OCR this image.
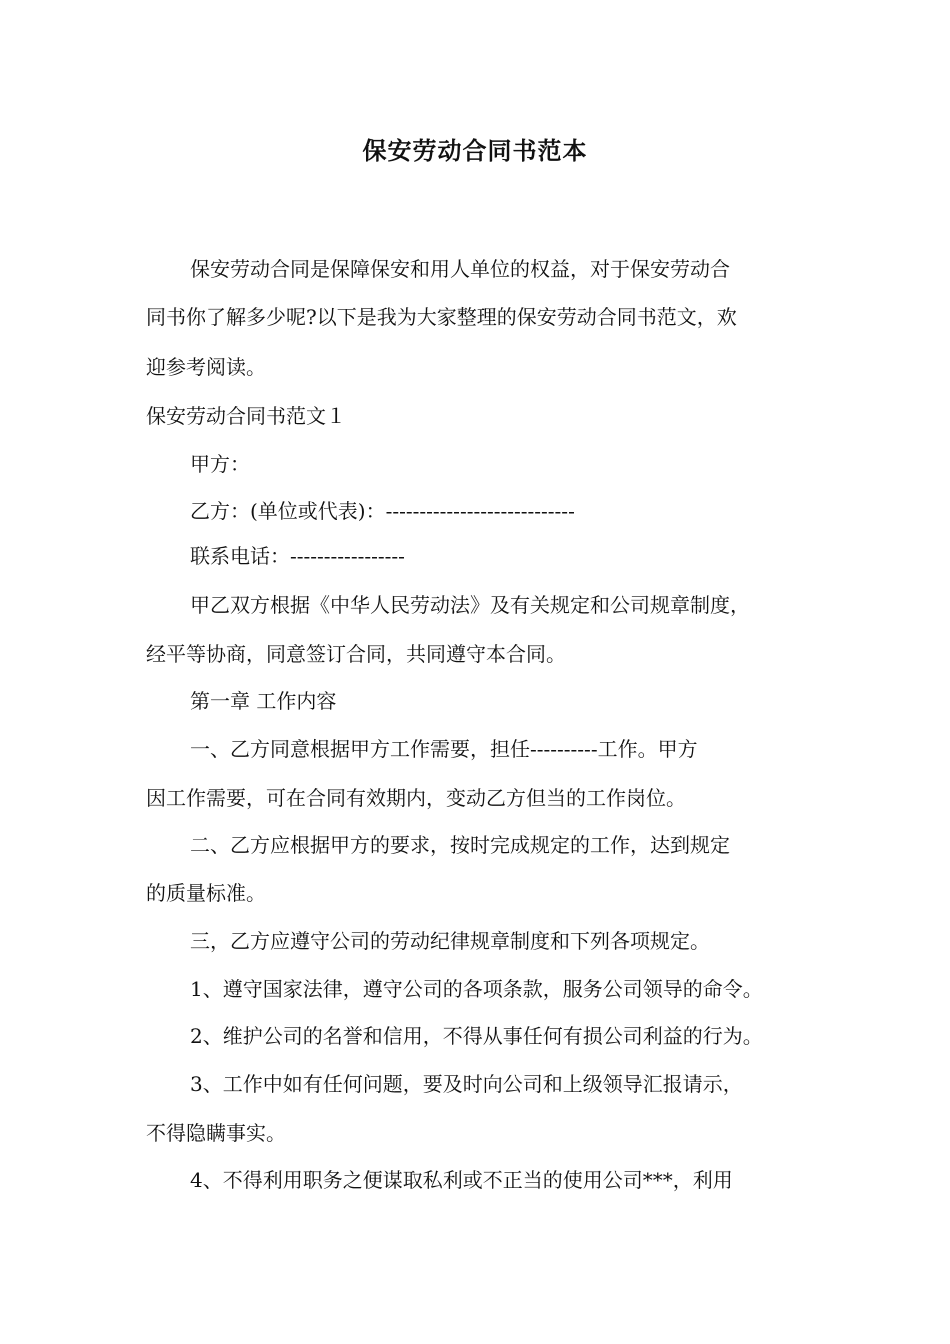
保安劳动合同书范本
保安劳动合同是保障保安和用人单位的权益，对于保安劳动合
同书你了解多少呢?以下是我为大家整理的保安劳动合同书范文，欢
迎参考阅读。
保安劳动合同书范文１
甲方：
乙方：(单位或代表)：----------------------------
联系电话：-----------------
甲乙双方根据《中华人民劳动法》及有关规定和公司规章制度，
经平等协商，同意签订合同，共同遵守本合同。
第一章 工作内容
一、乙方同意根据甲方工作需要，担任----------工作。甲方
因工作需要，可在合同有效期内，变动乙方但当的工作岗位。
二、乙方应根据甲方的要求，按时完成规定的工作，达到规定
的质量标准。
三，乙方应遵守公司的劳动纪律规章制度和下列各项规定。
1、遵守国家法律，遵守公司的各项条款，服务公司领导的命令。
2、维护公司的名誉和信用，不得从事任何有损公司利益的行为。
3、工作中如有任何问题，要及时向公司和上级领导汇报请示，
不得隐瞒事实。
4、不得利用职务之便谋取私利或不正当的使用公司***，利用
